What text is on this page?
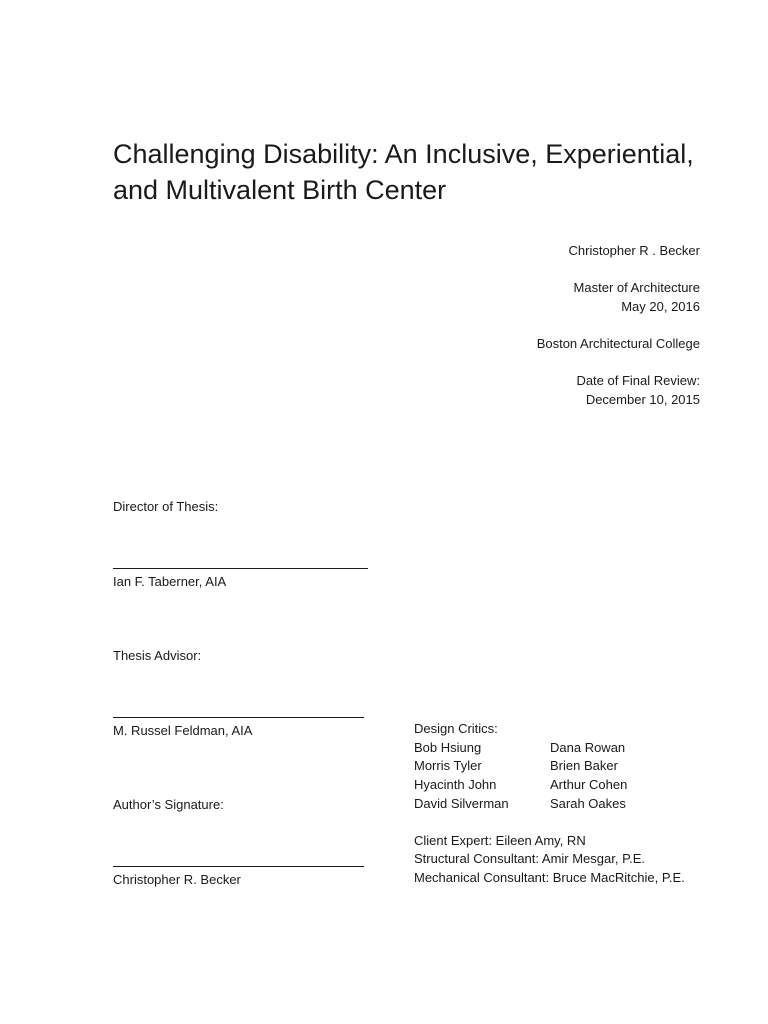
Challenging Disability: An Inclusive, Experiential,
and Multivalent Birth Center
Christopher R . Becker
Master of Architecture
May 20, 2016
Boston Architectural College
Date of Final Review:
December 10, 2015
Director of Thesis:
Ian F. Taberner, AIA
Thesis Advisor:
M. Russel Feldman, AIA
Author’s Signature:
Christopher R. Becker
Design Critics:
Bob Hsiung	Dana Rowan
Morris Tyler	Brien Baker
Hyacinth John	Arthur Cohen
David Silverman	Sarah Oakes
Client Expert: Eileen Amy, RN
Structural Consultant: Amir Mesgar, P.E.
Mechanical Consultant: Bruce MacRitchie, P.E.
